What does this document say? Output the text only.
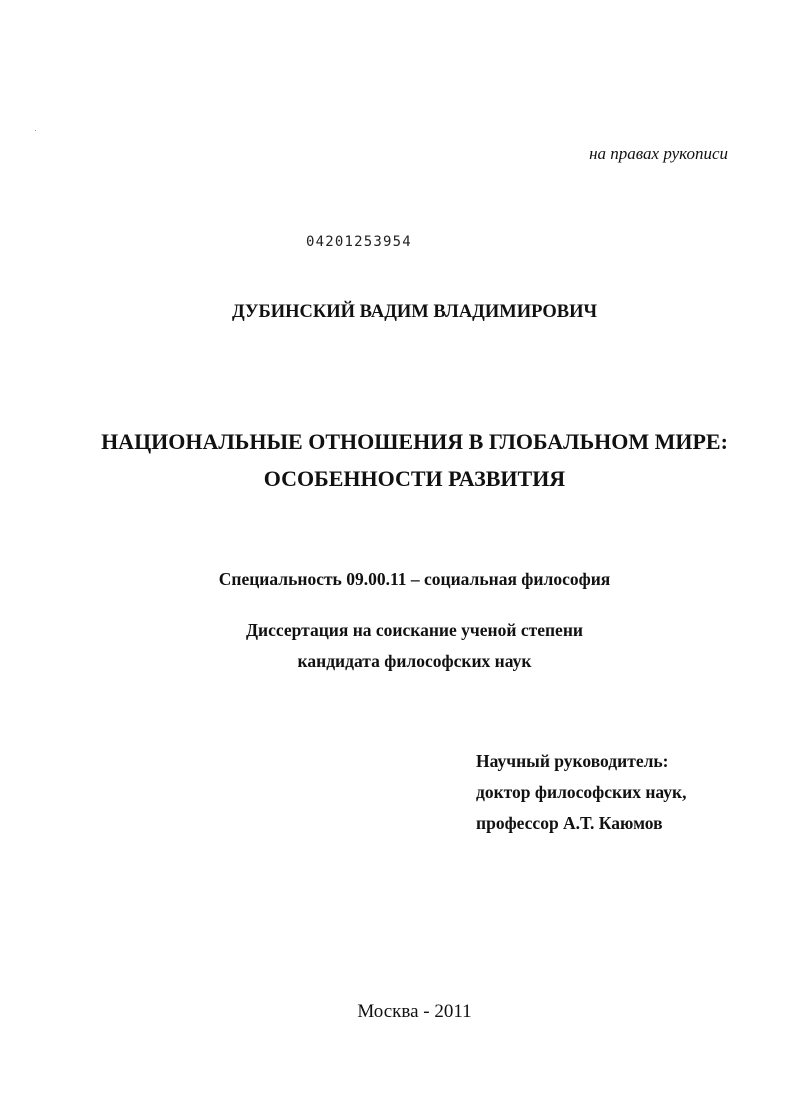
на правах рукописи
04201253954
ДУБИНСКИЙ ВАДИМ ВЛАДИМИРОВИЧ
НАЦИОНАЛЬНЫЕ ОТНОШЕНИЯ В ГЛОБАЛЬНОМ МИРЕ:
ОСОБЕННОСТИ РАЗВИТИЯ
Специальность 09.00.11 – социальная философия
Диссертация на соискание ученой степени
кандидата философских наук
Научный руководитель:
доктор философских наук,
профессор А.Т. Каюмов
Москва - 2011
